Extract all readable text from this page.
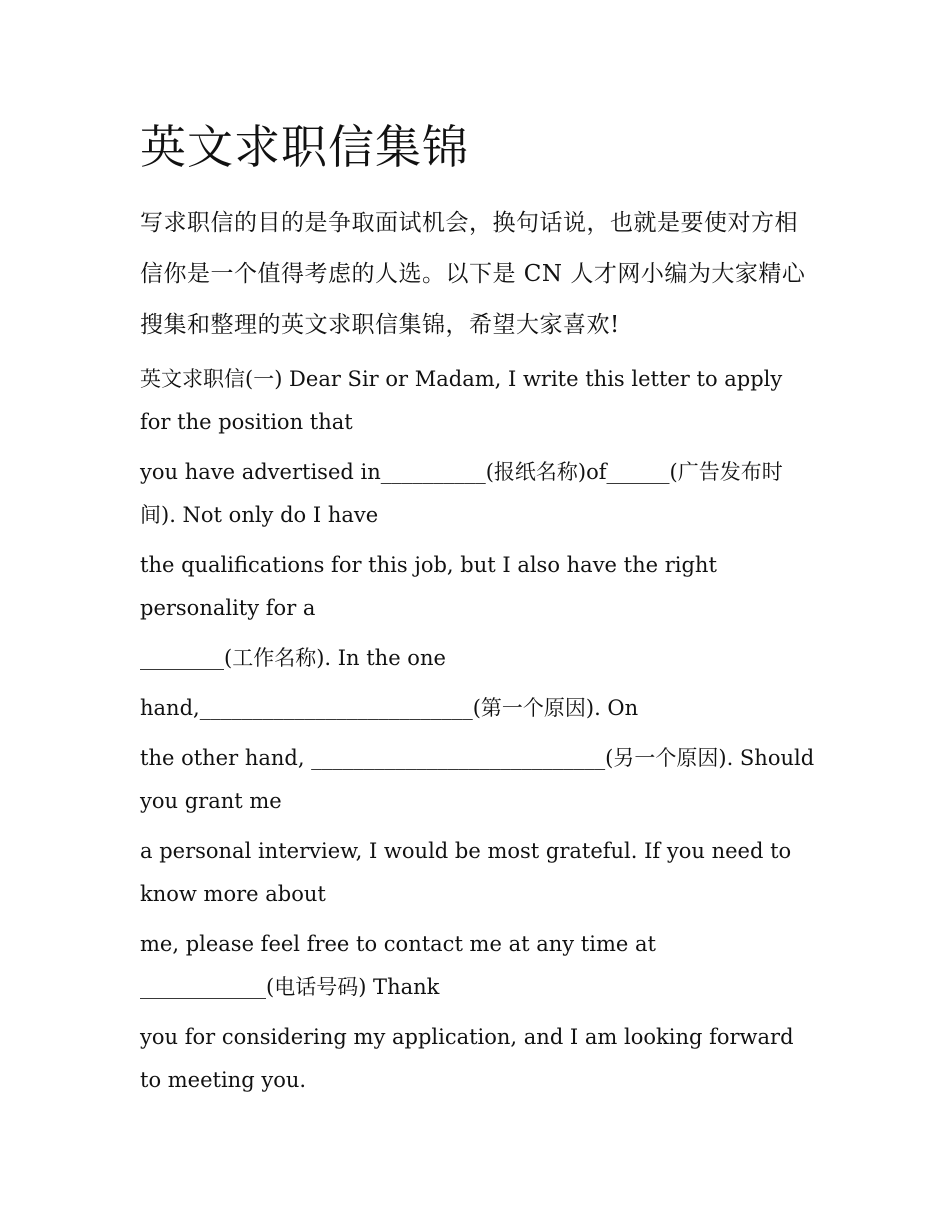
英文求职信集锦

写求职信的目的是争取面试机会，换句话说，也就是要使对方相信你是一个值得考虑的人选。以下是 CN 人才网小编为大家精心搜集和整理的英文求职信集锦，希望大家喜欢!

英文求职信(一) Dear Sir or Madam, I write this letter to apply for the position that

you have advertised in__________(报纸名称)of______(广告发布时间). Not only do I have

the qualifications for this job, but I also have the right personality for a

________(工作名称). In the one

hand,__________________________(第一个原因). On

the other hand, ____________________________(另一个原因). Should you grant me

a personal interview, I would be most grateful. If you need to know more about

me, please feel free to contact me at any time at ____________(电话号码) Thank

you for considering my application, and I am looking forward to meeting you.
